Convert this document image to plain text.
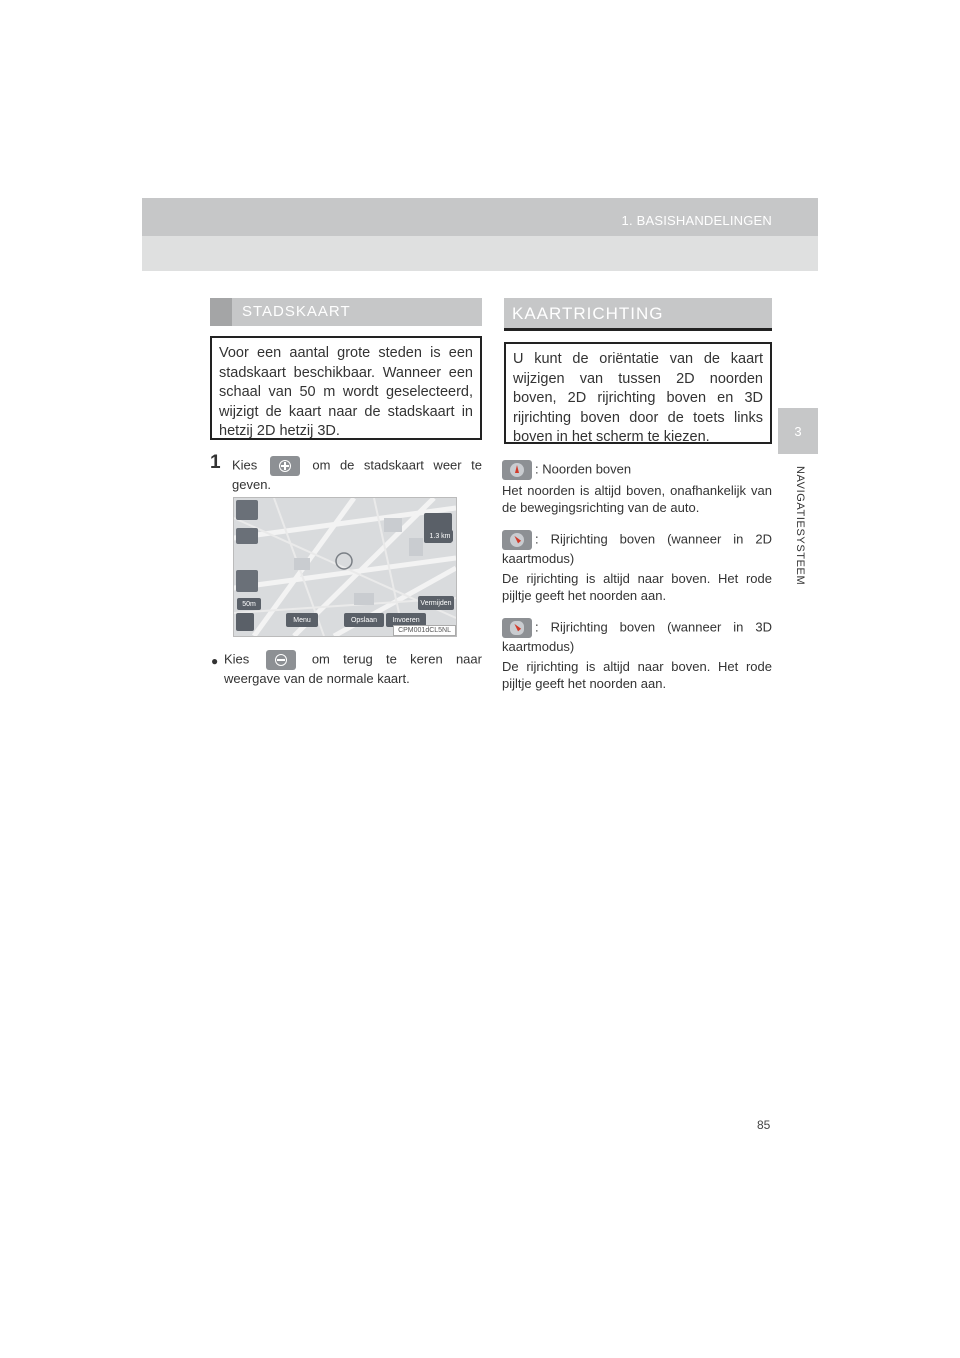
1. BASISHANDELINGEN
3
NAVIGATIESYSTEEM
STADSKAART
Voor een aantal grote steden is een stadskaart beschikbaar. Wanneer een schaal van 50 m wordt geselecteerd, wijzigt de kaart naar de stadskaart in hetzij 2D hetzij 3D.
1 Kies	om de stadskaart weer te geven.
50m
1.3 km
Menu	Opslaan	Invoeren
Vermijden
CPM001dCL5NL
● Kies	om terug te keren naar weergave van de normale kaart.
KAARTRICHTING
U kunt de oriëntatie van de kaart wijzigen van tussen 2D noorden boven, 2D rijrichting boven en 3D rijrichting boven door de toets links boven in het scherm te kiezen.
: Noorden boven
Het noorden is altijd boven, onafhankelijk van de bewegingsrichting van de auto.
: Rijrichting boven (wanneer in 2D kaartmodus)
De rijrichting is altijd naar boven. Het rode pijltje geeft het noorden aan.
: Rijrichting boven (wanneer in 3D kaartmodus)
De rijrichting is altijd naar boven. Het rode pijltje geeft het noorden aan.
85
